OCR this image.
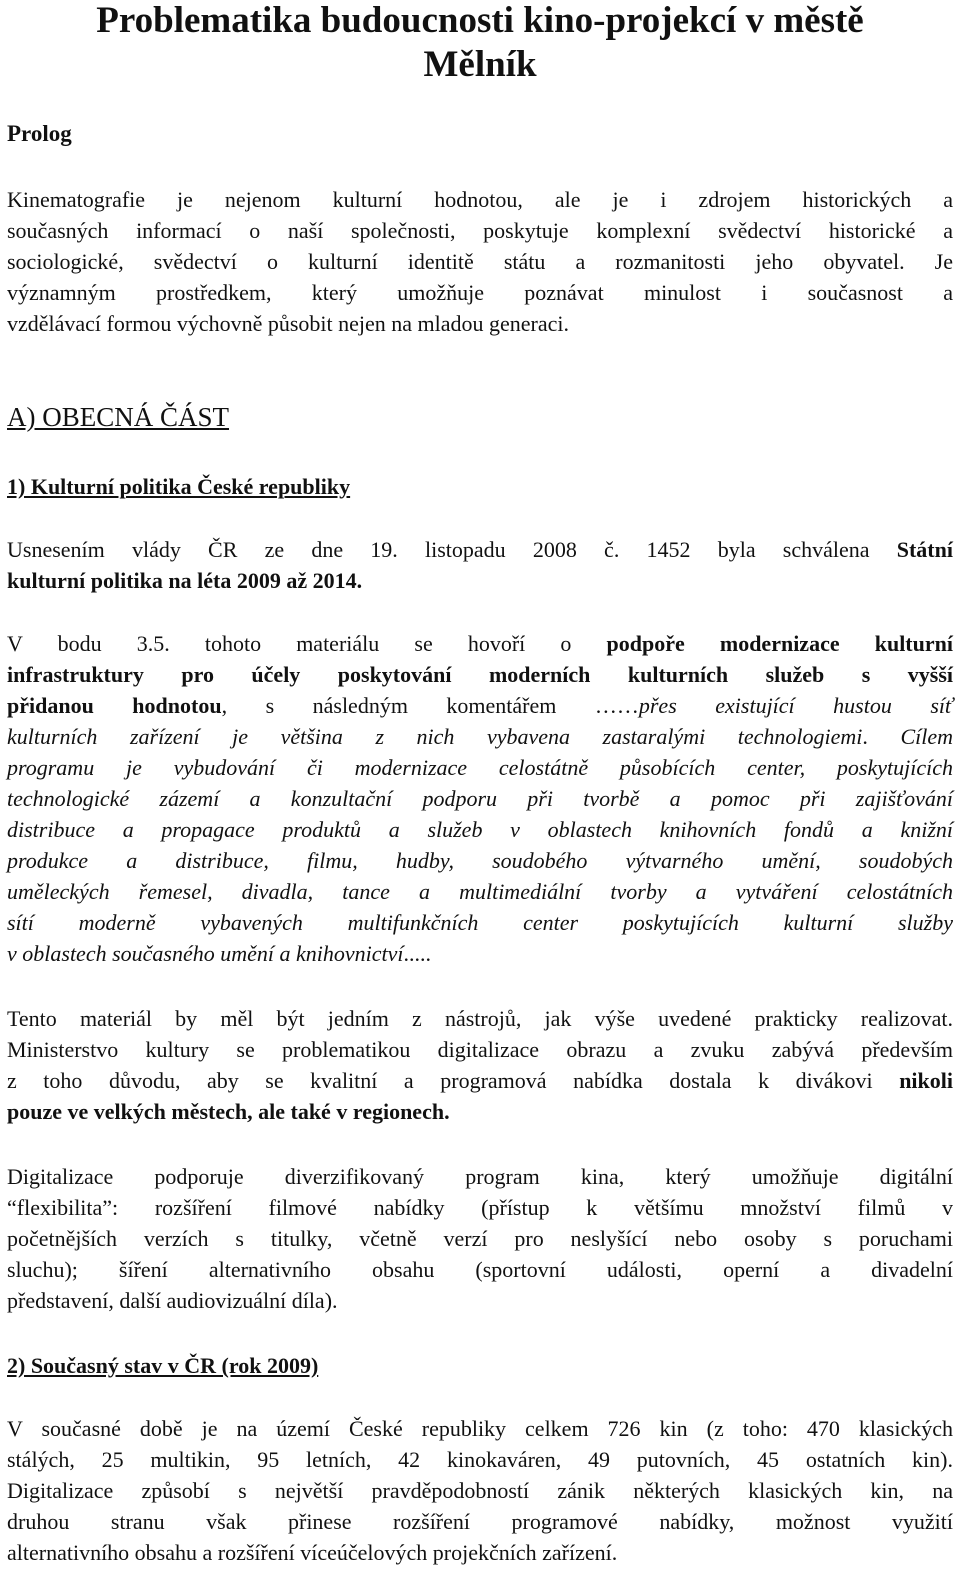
Problematika budoucnosti kino-projekcí v městě
Mělník
Prolog
Kinematografie je nejenom kulturní hodnotou, ale je i zdrojem historických a
současných informací o naší společnosti, poskytuje komplexní svědectví historické a
sociologické, svědectví o kulturní identitě státu a rozmanitosti jeho obyvatel. Je
významným prostředkem, který umožňuje poznávat minulost i současnost a
vzdělávací formou výchovně působit nejen na mladou generaci.
A) OBECNÁ ČÁST
1) Kulturní politika České republiky
Usnesením vlády ČR ze dne 19. listopadu 2008 č. 1452 byla schválena Státní
kulturní politika na léta 2009 až 2014.
V bodu 3.5. tohoto materiálu se hovoří o podpoře modernizace kulturní
infrastruktury pro účely poskytování moderních kulturních služeb s vyšší
přidanou hodnotou, s následným komentářem ……přes existující hustou síť
kulturních zařízení je většina z nich vybavena zastaralými technologiemi. Cílem
programu je vybudování či modernizace celostátně působících center, poskytujících
technologické zázemí a konzultační podporu při tvorbě a pomoc při zajišťování
distribuce a propagace produktů a služeb v oblastech knihovních fondů a knižní
produkce a distribuce, filmu, hudby, soudobého výtvarného umění, soudobých
uměleckých řemesel, divadla, tance a multimediální tvorby a vytváření celostátních
sítí moderně vybavených multifunkčních center poskytujících kulturní služby
v oblastech současného umění a knihovnictví.....
Tento materiál by měl být jedním z nástrojů, jak výše uvedené prakticky realizovat.
Ministerstvo kultury se problematikou digitalizace obrazu a zvuku zabývá především
z toho důvodu, aby se kvalitní a programová nabídka dostala k divákovi nikoli
pouze ve velkých městech, ale také v regionech.
Digitalizace podporuje diverzifikovaný program kina, který umožňuje digitální
“flexibilita”: rozšíření filmové nabídky (přístup k většímu množství filmů v
početnějších verzích s titulky, včetně verzí pro neslyšící nebo osoby s poruchami
sluchu); šíření alternativního obsahu (sportovní události, operní a divadelní
představení, další audiovizuální díla).
2) Současný stav v ČR (rok 2009)
V současné době je na území České republiky celkem 726 kin (z toho: 470 klasických
stálých, 25 multikin, 95 letních, 42 kinokaváren, 49 putovních, 45 ostatních kin).
Digitalizace způsobí s největší pravděpodobností zánik některých klasických kin, na
druhou stranu však přinese rozšíření programové nabídky, možnost využití
alternativního obsahu a rozšíření víceúčelových projekčních zařízení.
